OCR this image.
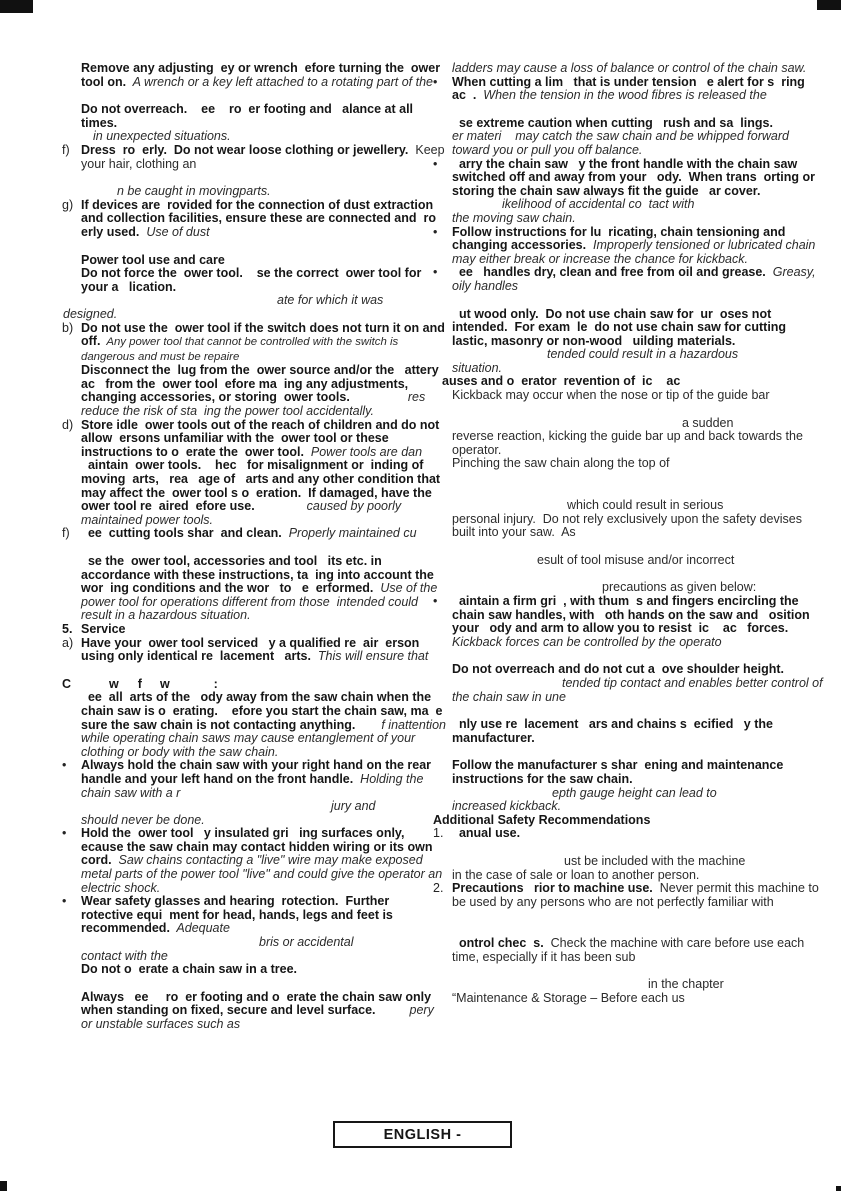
Remove any adjusting  ey or wrench  efore turning the  ower tool on.  A wrench or a key left attached to a rotating part of the
Do not overreach.    ee    ro  er footing and   alance at all times.
in unexpected situations.
f) Dress  ro  erly.  Do not wear loose clothing or jewellery.  Keep your hair, clothing an
n be caught in movingparts.
g) If devices are  rovided for the connection of dust extraction and collection facilities, ensure these are connected and  ro  erly used.  Use of dust
Power tool use and care
Do not force the  ower tool.    se the correct  ower tool for your a   lication.
ate for which it was
designed.
b) Do not use the  ower tool if the switch does not turn it on and off.  Any power tool that cannot be controlled with the switch is dangerous and must be repaire
Disconnect the  lug from the  ower source and/or the   attery  ac   from the  ower tool  efore ma  ing any adjustments, changing accessories, or storing  ower tools.	res reduce the risk of sta  ing the power tool accidentally.
d) Store idle  ower tools out of the reach of children and do not allow  ersons unfamiliar with the  ower tool or these instructions to o  erate the  ower tool.  Power tools are dan
aintain  ower tools.    hec   for misalignment or  inding of moving  arts,   rea   age of   arts and any other condition that may affect the  ower tool s o  eration.  If damaged, have the  ower tool re  aired  efore use.	caused by poorly maintained power tools.
f) ee  cutting tools shar  and clean.  Properly maintained cu
se the  ower tool, accessories and tool   its etc. in accordance with these instructions, ta  ing into account the wor  ing conditions and the wor   to   e  erformed.  Use of the power tool for operations different from those  intended could result in a hazardous situation.
5. Service
a) Have your  ower tool serviced   y a qualified re  air  erson using only identical re  lacement   arts.  This will ensure that
C	w f w	:
ee  all  arts of the   ody away from the saw chain when the chain saw is o  erating.    efore you start the chain saw, ma  e sure the saw chain is not contacting anything. f inattention while operating chain saws may cause entanglement of your clothing or body with the saw chain.
• Always hold the chain saw with your right hand on the rear handle and your left hand on the front handle.  Holding the chain saw with a r
jury and
should never be done.
• Hold the  ower tool   y insulated gri   ing surfaces only,   ecause the saw chain may contact hidden wiring or its own cord.  Saw chains contacting a "live" wire may make exposed metal parts of the power tool "live" and could give the operator an electric shock.
• Wear safety glasses and hearing  rotection.  Further  rotective equi  ment for head, hands, legs and feet is recommended.  Adequate
bris or accidental
contact with the
Do not o  erate a chain saw in a tree.
Always   ee     ro  er footing and o  erate the chain saw only when standing on fixed, secure and level surface.	pery or unstable surfaces such as
ladders may cause a loss of balance or control of the chain saw.
• When cutting a lim   that is under tension   e alert for s  ring   ac  .  When the tension in the wood fibres is released the
se extreme caution when cutting   rush and sa  lings.er materi    may catch the saw chain and be whipped forward toward you or pull you off balance.
• arry the chain saw   y the front handle with the chain saw switched off and away from your   ody.  When trans  orting or storing the chain saw always fit the guide   ar cover.
ikelihood of accidental co  tact with
the moving saw chain.
• Follow instructions for lu  ricating, chain tensioning and changing accessories.  Improperly tensioned or lubricated chain may either break or increase the chance for kickback.
• ee   handles dry, clean and free from oil and grease.  Greasy, oily handles
ut wood only.  Do not use chain saw for  ur  oses not intended.  For exam  le  do not use chain saw for cutting  lastic, masonry or non-wood   uilding materials.
tended could result in a hazardous
situation.
auses and o  erator  revention of  ic    ac
Kickback may occur when the nose or tip of the guide bar
a sudden
reverse reaction, kicking the guide bar up and back towards the operator.
Pinching the saw chain along the top of
which could result in serious
personal injury.  Do not rely exclusively upon the safety devises built into your saw.  As
esult of tool misuse and/or incorrect
precautions as given below:
• aintain a firm gri  , with thum  s and fingers encircling the chain saw handles, with   oth hands on the saw and   osition your   ody and arm to allow you to resist  ic    ac   forces.  Kickback forces can be controlled by the operato
Do not overreach and do not cut a  ove shoulder height.tended tip contact and enables better control of the chain saw in une
nly use re  lacement   ars and chains s  ecified   y the manufacturer.
Follow the manufacturer s shar  ening and maintenance instructions for the saw chain.
epth gauge height can lead to
increased kickback.
Additional Safety Recommendations
1. anual use.
ust be included with the machine
in the case of sale or loan to another person.
2. Precautions   rior to machine use.  Never permit this machine to be used by any persons who are not perfectly familiar with
ontrol chec  s.  Check the machine with care before use each time, especially if it has been sub
in the chapter
“Maintenance & Storage – Before each us
ENGLISH -
